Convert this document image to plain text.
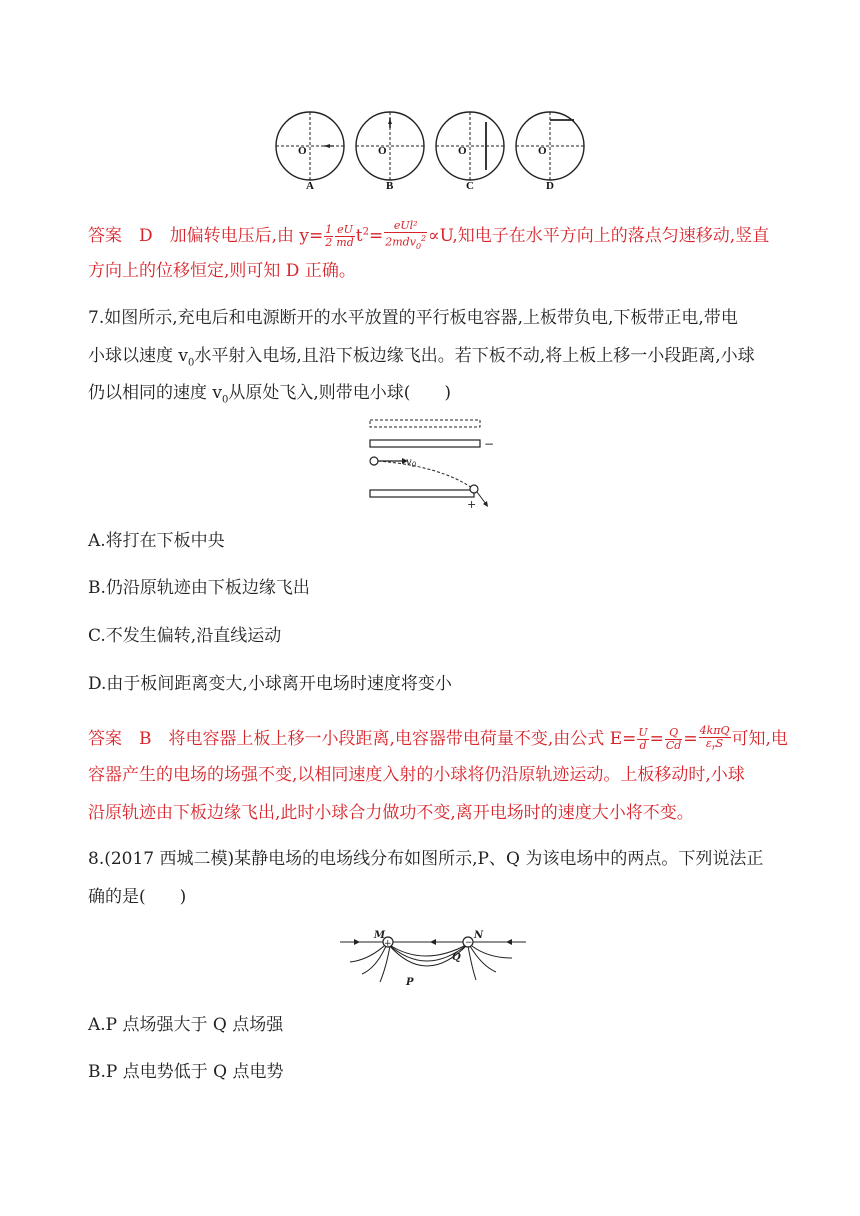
O
A
O
B
O
C
O
D
答案　D　加偏转电压后,由 $y= \frac{1}{2} \frac{eU}{md} t^2= \frac{\text{eUl²}}{2mdv_0^2} \propto U$,知电子在水平方向上的落点匀速移动,竖直
方向上的位移恒定,则可知 D 正确。
7.如图所示,充电后和电源断开的水平放置的平行板电容器,上板带负电,下板带正电,带电
小球以速度 $v_0$水平射入电场,且沿下板边缘飞出。若下板不动,将上板上移一小段距离,小球
仍以相同的速度 $v_0$从原处飞入,则带电小球(　　)
−
$v_0$
+
A.将打在下板中央
B.仍沿原轨迹由下板边缘飞出
C.不发生偏转,沿直线运动
D.由于板间距离变大,小球离开电场时速度将变小
答案　B　将电容器上板上移一小段距离,电容器带电荷量不变,由公式 $E= \frac{U}{d} = \frac{Q}{Cd} = \frac{\text{4kπQ}}{\varepsilon_rS}$ 可知,电
容器产生的电场的场强不变,以相同速度入射的小球将仍沿原轨迹运动。上板移动时,小球
沿原轨迹由下板边缘飞出,此时小球合力做功不变,离开电场时的速度大小将不变。
8.(2017 西城二模)某静电场的电场线分布如图所示,P、Q 为该电场中的两点。下列说法正
确的是(　　)
+	−
M	N
P
Q
A.P 点场强大于 Q 点场强
B.P 点电势低于 Q 点电势
